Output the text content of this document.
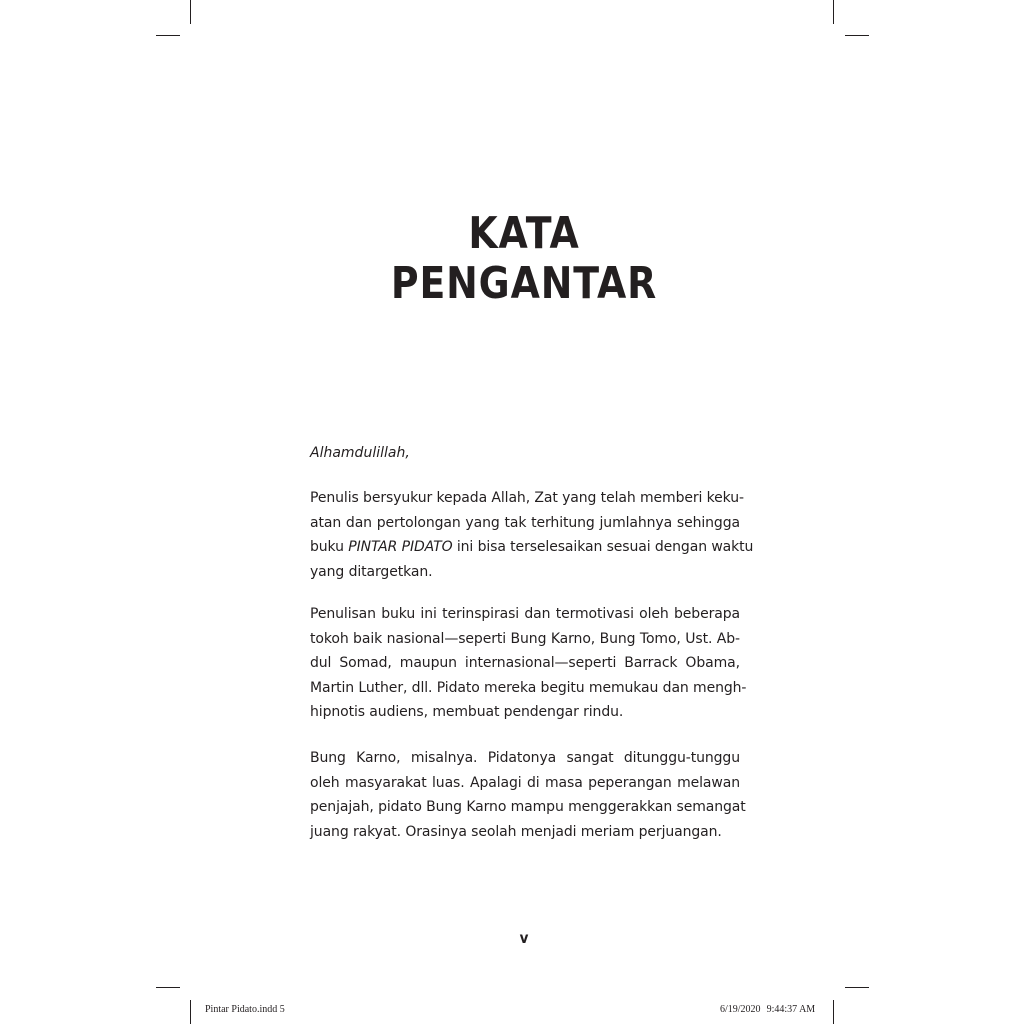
KATA
PENGANTAR
Alhamdulillah,
Penulis bersyukur kepada Allah, Zat yang telah memberi keku-
atan dan pertolongan yang tak terhitung jumlahnya sehingga
buku PINTAR PIDATO ini bisa terselesaikan sesuai dengan waktu
yang ditargetkan.
Penulisan buku ini terinspirasi dan termotivasi oleh beberapa
tokoh baik nasional—seperti Bung Karno, Bung Tomo, Ust. Ab-
dul Somad, maupun internasional—seperti Barrack Obama,
Martin Luther, dll. Pidato mereka begitu memukau dan mengh-
hipnotis audiens, membuat pendengar rindu.
Bung Karno, misalnya. Pidatonya sangat ditunggu-tunggu
oleh masyarakat luas. Apalagi di masa peperangan melawan
penjajah, pidato Bung Karno mampu menggerakkan semangat
juang rakyat. Orasinya seolah menjadi meriam perjuangan.
v
Pintar Pidato.indd 5	6/19/2020 9:44:37 AM
